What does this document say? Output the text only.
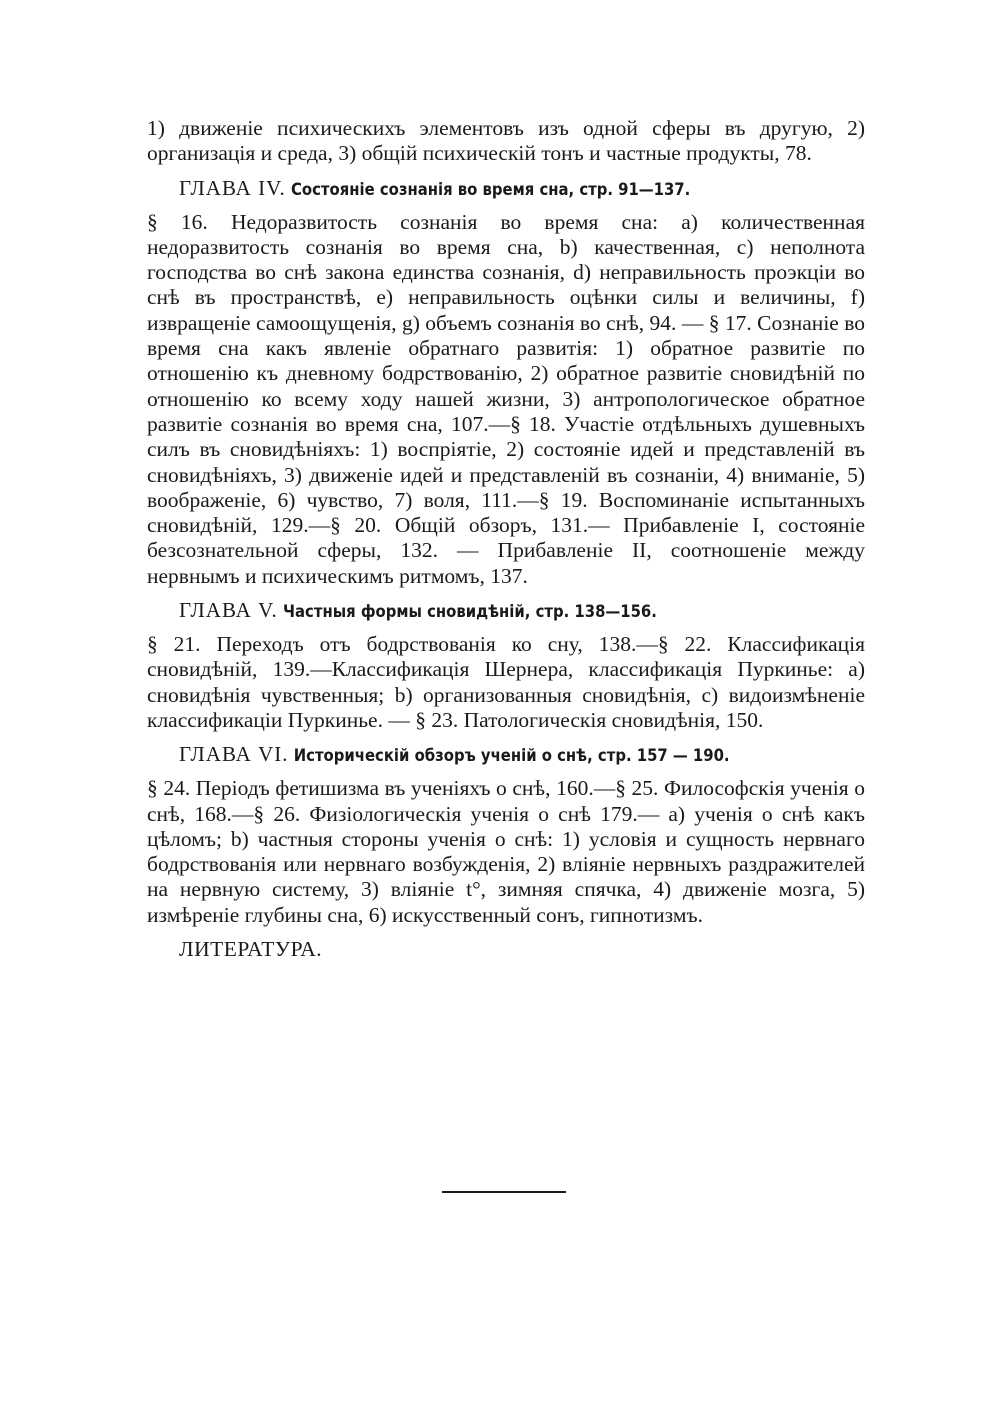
1) движеніе психическихъ элементовъ изъ одной сферы въ другую, 2) организація и среда, 3) общій психическій тонъ и частные продукты, 78.

ГЛАВА IV. Состояніе сознанія во время сна, стр. 91—137.

§ 16. Недоразвитость сознанія во время сна: a) количественная недоразвитость сознанія во время сна, b) качественная, c) неполнота господства во снѣ закона единства сознанія, d) неправильность проэкціи во снѣ въ пространствѣ, e) неправильность оцѣнки силы и величины, f) извращеніе самоощущенія, g) объемъ сознанія во снѣ, 94. — § 17. Сознаніе во время сна какъ явленіе обратнаго развитія: 1) обратное развитіе по отношенію къ дневному бодрствованію, 2) обратное развитіе сновидѣній по отношенію ко всему ходу нашей жизни, 3) антропологическое обратное развитіе сознанія во время сна, 107.—§ 18. Участіе отдѣльныхъ душевныхъ силъ въ сновидѣніяхъ: 1) воспріятіе, 2) состояніе идей и представленій въ сновидѣніяхъ, 3) движеніе идей и представленій въ сознаніи, 4) вниманіе, 5) воображеніе, 6) чувство, 7) воля, 111.—§ 19. Воспоминаніе испытанныхъ сновидѣній, 129.—§ 20. Общій обзоръ, 131.— Прибавленіе I, состояніе безсознательной сферы, 132. — Прибавленіе II, соотношеніе между нервнымъ и психическимъ ритмомъ, 137.

ГЛАВА V. Частныя формы сновидѣній, стр. 138—156.

§ 21. Переходъ отъ бодрствованія ко сну, 138.—§ 22. Классификація сновидѣній, 139.—Классификація Шернера, классификація Пуркинье: a) сновидѣнія чувственныя; b) организованныя сновидѣнія, c) видоизмѣненіе классификаціи Пуркинье. — § 23. Патологическія сновидѣнія, 150.

ГЛАВА VI. Историческій обзоръ ученій о снѣ, стр. 157 — 190.

§ 24. Періодъ фетишизма въ ученіяхъ о снѣ, 160.—§ 25. Философскія ученія о снѣ, 168.—§ 26. Физіологическія ученія о снѣ 179.— a) ученія о снѣ какъ цѣломъ; b) частныя стороны ученія о снѣ: 1) условія и сущность нервнаго бодрствованія или нервнаго возбужденія, 2) вліяніе нервныхъ раздражителей на нервную систему, 3) вліяніе t°, зимняя спячка, 4) движеніе мозга, 5) измѣреніе глубины сна, 6) искусственный сонъ, гипнотизмъ.

ЛИТЕРАТУРА.
